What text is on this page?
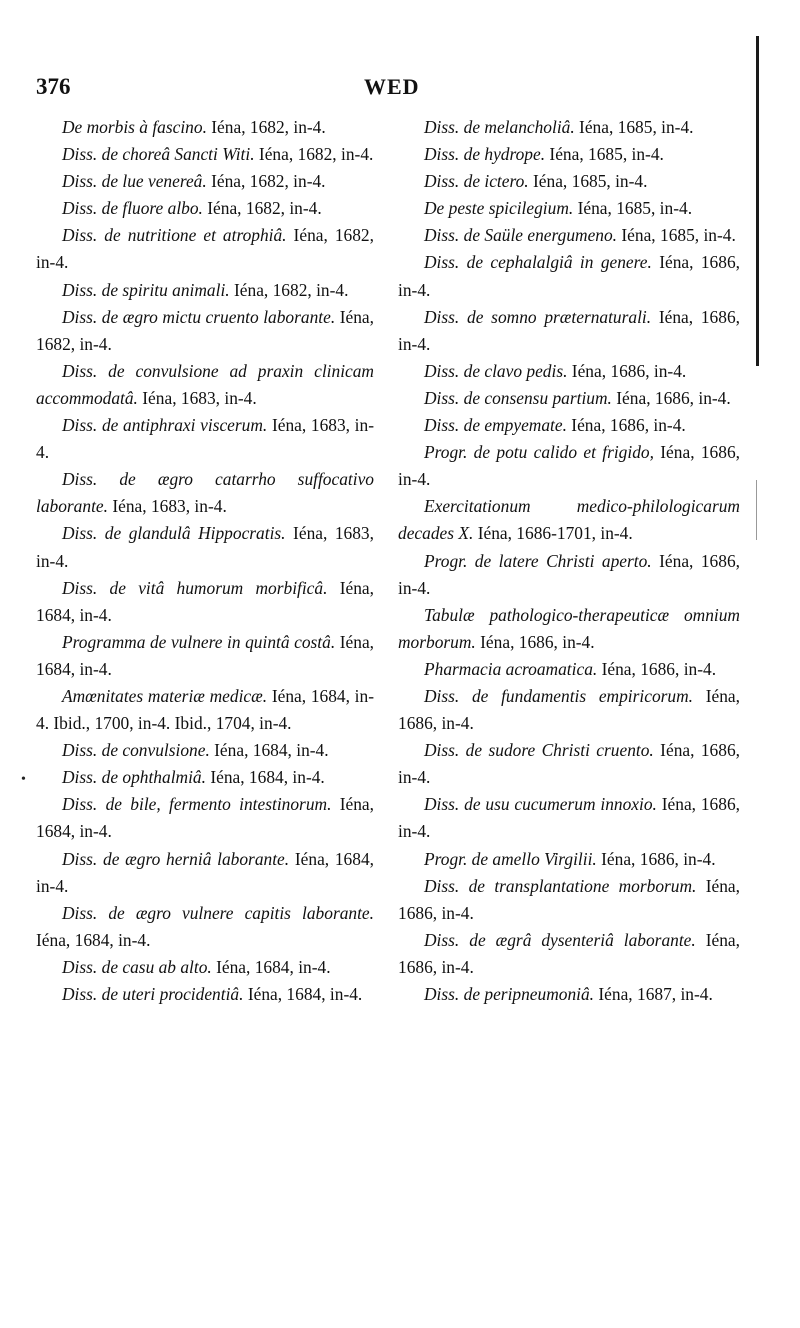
376	WED
•
De morbis à fascino. Iéna, 1682, in-4.
Diss. de choreâ Sancti Witi. Iéna, 1682, in-4.
Diss. de lue venereâ. Iéna, 1682, in-4.
Diss. de fluore albo. Iéna, 1682, in-4.
Diss. de nutritione et atrophiâ. Iéna, 1682, in-4.
Diss. de spiritu animali. Iéna, 1682, in-4.
Diss. de ægro mictu cruento laborante. Iéna, 1682, in-4.
Diss. de convulsione ad praxin clinicam accommodatâ. Iéna, 1683, in-4.
Diss. de antiphraxi viscerum. Iéna, 1683, in-4.
Diss. de ægro catarrho suffocativo laborante. Iéna, 1683, in-4.
Diss. de glandulâ Hippocratis. Iéna, 1683, in-4.
Diss. de vitâ humorum morbificâ. Iéna, 1684, in-4.
Programma de vulnere in quintâ costâ. Iéna, 1684, in-4.
Amœnitates materiæ medicæ. Iéna, 1684, in-4. Ibid., 1700, in-4. Ibid., 1704, in-4.
Diss. de convulsione. Iéna, 1684, in-4.
Diss. de ophthalmiâ. Iéna, 1684, in-4.
Diss. de bile, fermento intestinorum. Iéna, 1684, in-4.
Diss. de ægro herniâ laborante. Iéna, 1684, in-4.
Diss. de ægro vulnere capitis laborante. Iéna, 1684, in-4.
Diss. de casu ab alto. Iéna, 1684, in-4.
Diss. de uteri procidentiâ. Iéna, 1684, in-4.
Diss. de melancholiâ. Iéna, 1685, in-4.
Diss. de hydrope. Iéna, 1685, in-4.
Diss. de ictero. Iéna, 1685, in-4.
De peste spicilegium. Iéna, 1685, in-4.
Diss. de Saüle energumeno. Iéna, 1685, in-4.
Diss. de cephalalgiâ in genere. Iéna, 1686, in-4.
Diss. de somno præternaturali. Iéna, 1686, in-4.
Diss. de clavo pedis. Iéna, 1686, in-4.
Diss. de consensu partium. Iéna, 1686, in-4.
Diss. de empyemate. Iéna, 1686, in-4.
Progr. de potu calido et frigido, Iéna, 1686, in-4.
Exercitationum medico-philologicarum decades X. Iéna, 1686-1701, in-4.
Progr. de latere Christi aperto. Iéna, 1686, in-4.
Tabulæ pathologico-therapeuticæ omnium morborum. Iéna, 1686, in-4.
Pharmacia acroamatica. Iéna, 1686, in-4.
Diss. de fundamentis empiricorum. Iéna, 1686, in-4.
Diss. de sudore Christi cruento. Iéna, 1686, in-4.
Diss. de usu cucumerum innoxio. Iéna, 1686, in-4.
Progr. de amello Virgilii. Iéna, 1686, in-4.
Diss. de transplantatione morborum. Iéna, 1686, in-4.
Diss. de ægrâ dysenteriâ laborante. Iéna, 1686, in-4.
Diss. de peripneumoniâ. Iéna, 1687, in-4.
